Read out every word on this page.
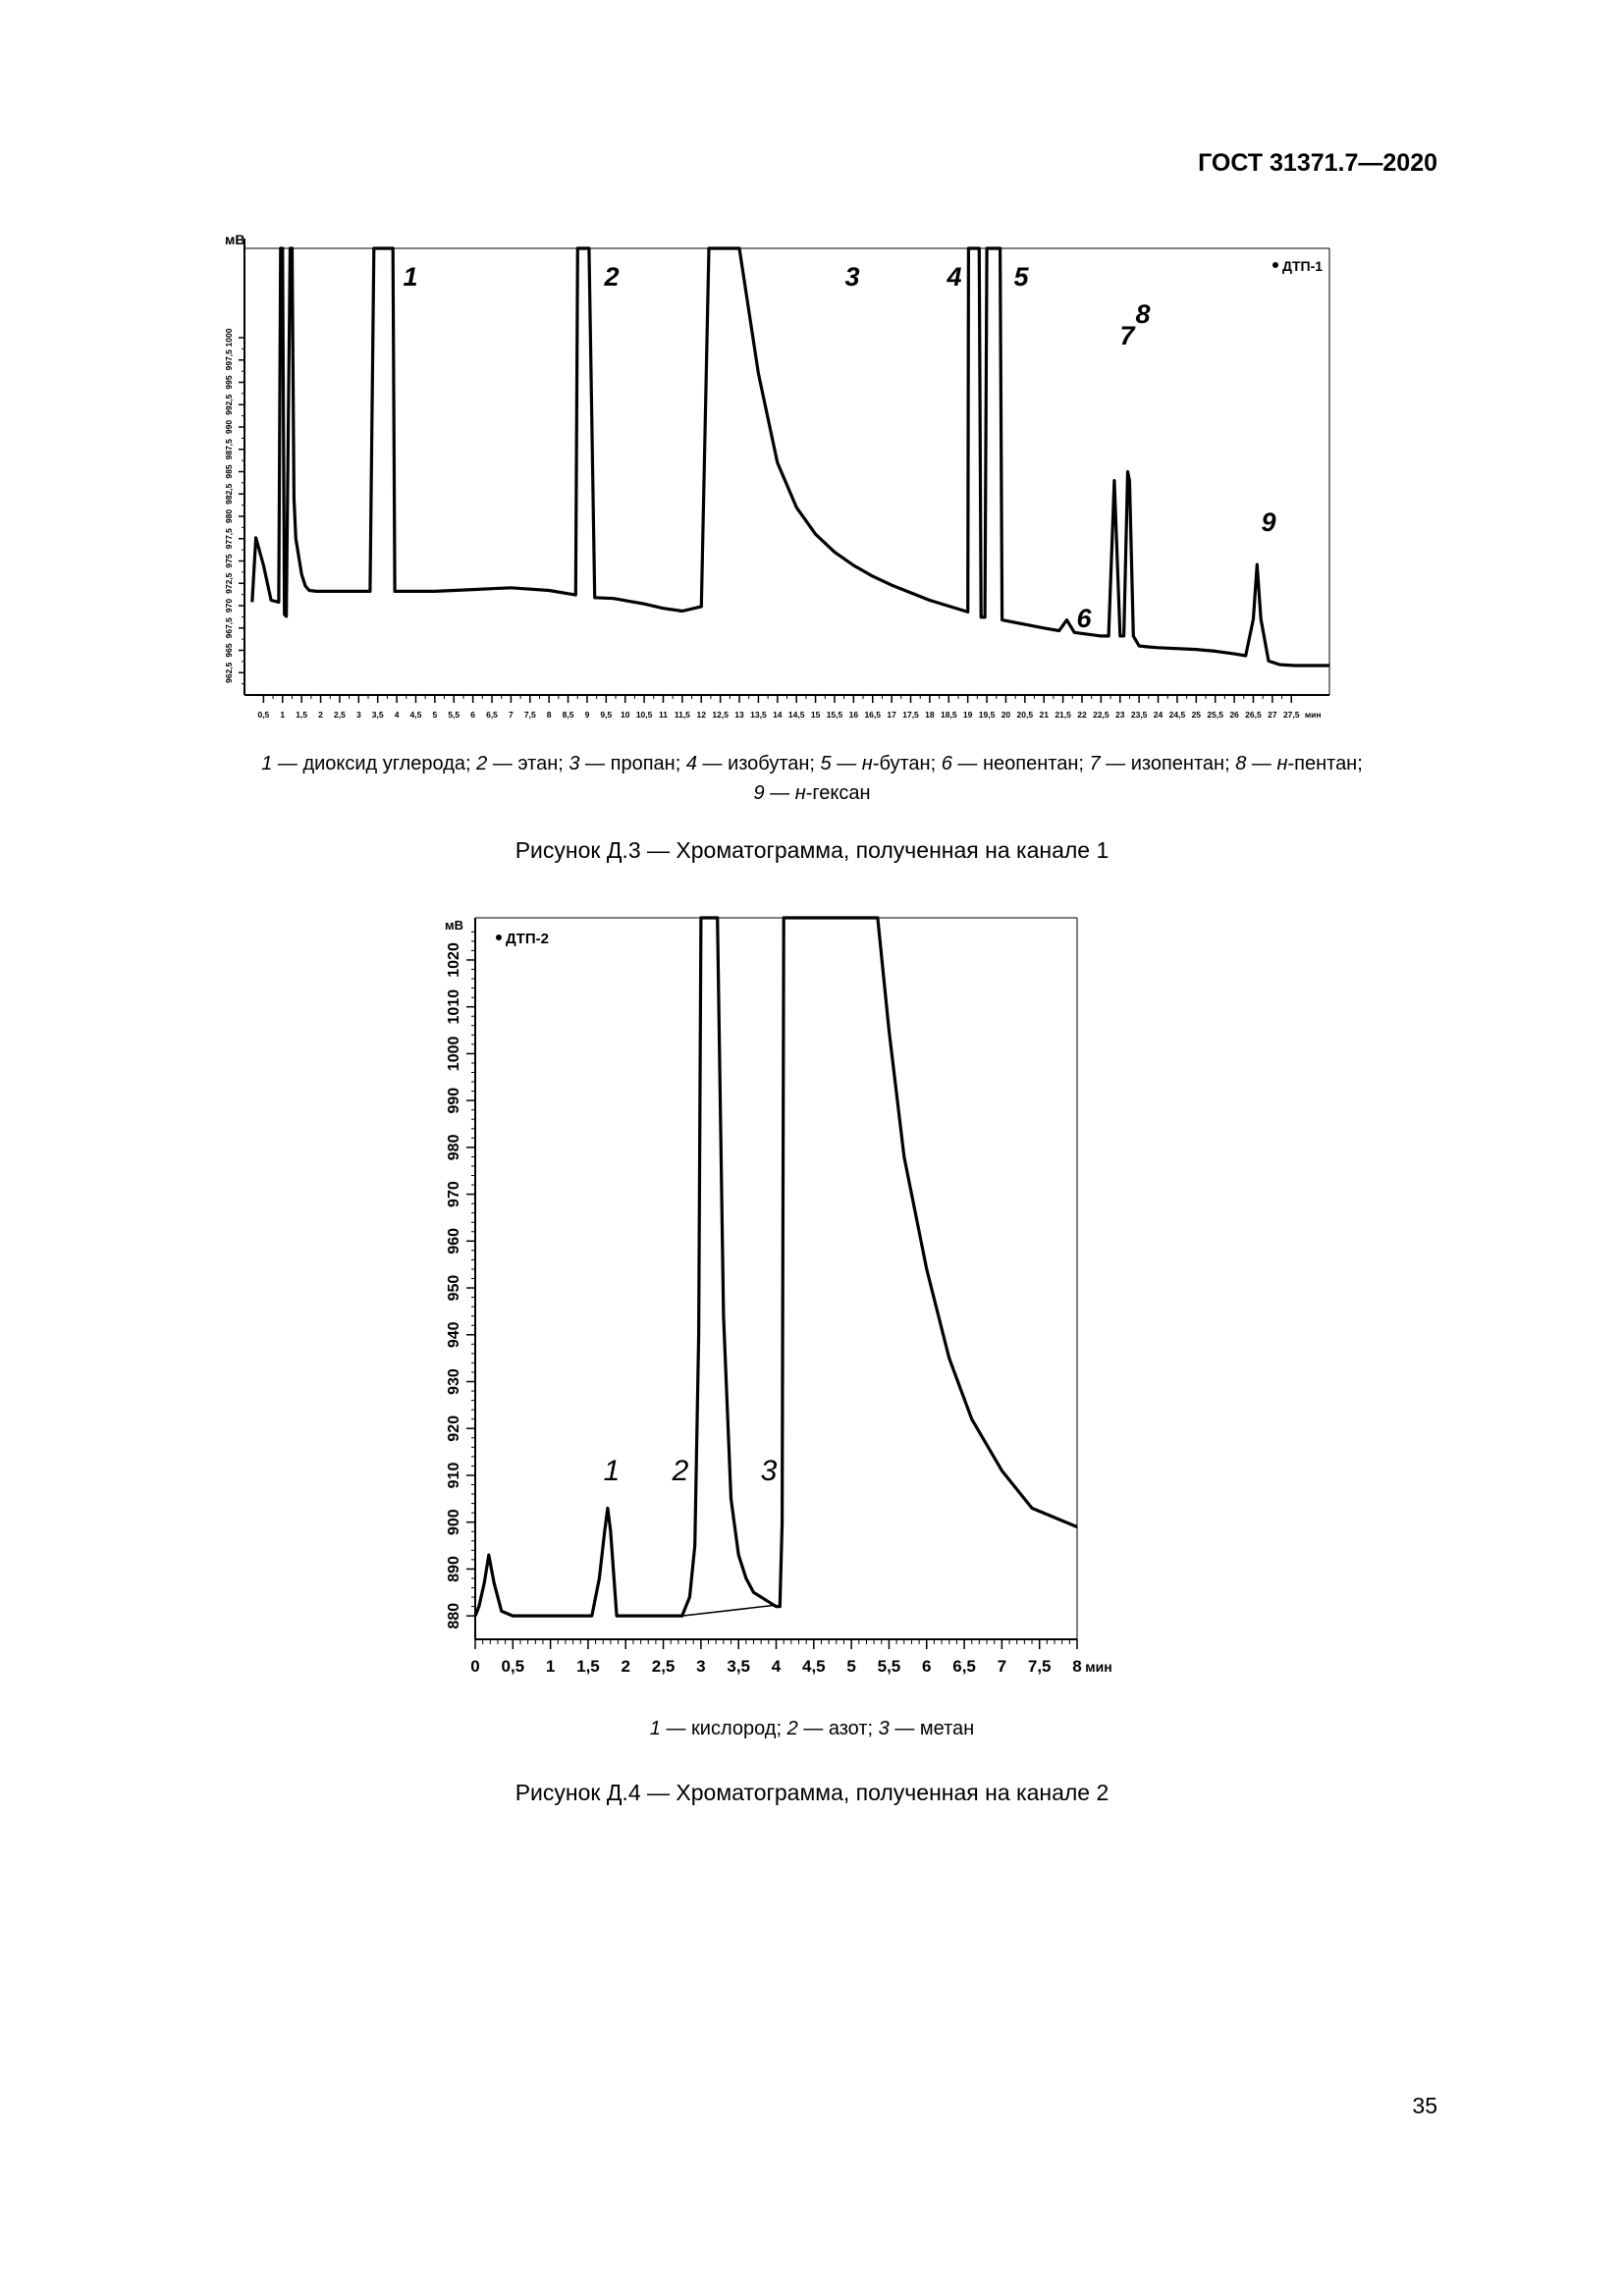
ГОСТ 31371.7—2020
0,5 1 1,5 2 2,5 3 3,5 4 4,5 5 5,5 6 6,5 7 7,5 8 8,5 9 9,5 10 10,5 11 11,5 12 12,5 13 13,5 14 14,5 15 15,5 16 16,5 17 17,5 18 18,5 19 19,5 20 20,5 21 21,5 22 22,5 23 23,5 24 24,5 25 25,5 26 26,5 27 27,5 мин
962,5
965
967,5
970
972,5
975
977,5
980
982,5
985
987,5
990
992,5
995
997,5
1000
мВ
ДТП-1
1	2	3	4 5
6
7
8
9
0 0,5 1 1,5 2 2,5 3 3,5 4 4,5 5 5,5 6 6,5 7 7,5 8 мин
880
890
900
910
920
930
940
950
960
970
980
990
1000
1010
1020
мВ
ДТП-2
1 2 3
1 — диоксид углерода; 2 — этан; 3 — пропан; 4 — изобутан; 5 — н-бутан; 6 — неопентан; 7 — изопентан; 8 — н-пентан;
9 — н-гексан
Рисунок Д.3 — Хроматограмма, полученная на канале 1
1 — кислород; 2 — азот; 3 — метан
Рисунок Д.4 — Хроматограмма, полученная на канале 2
35
